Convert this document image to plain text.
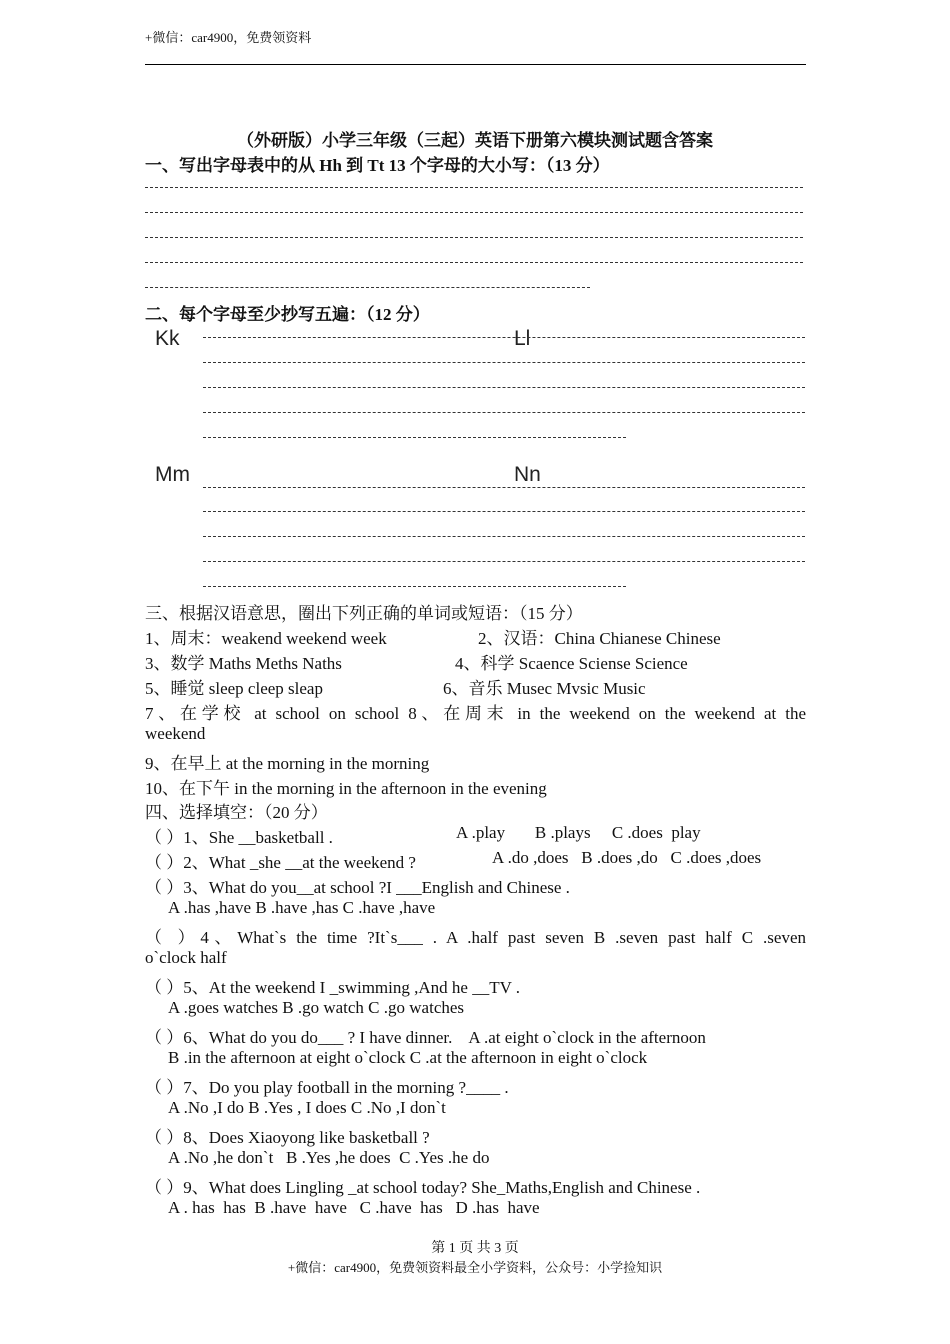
+微信：car4900，免费领资料
（外研版）小学三年级（三起）英语下册第六模块测试题含答案
一、写出字母表中的从 Hh 到 Tt 13 个字母的大小写：（13 分）
二、每个字母至少抄写五遍：（12 分）
Kk	Ll
Mm	Nn
三、根据汉语意思，圈出下列正确的单词或短语：（15 分）
1、周末：weakend weekend week	2、汉语：China Chianese Chinese
3、数学 Maths Meths Naths	4、科学 Scaence Sciense Science
5、睡觉 sleep cleep sleap	6、音乐 Musec Mvsic Music
7、在学校 at school on school 8、在周末 in the weekend on the weekend at the
weekend
9、在早上 at the morning in the morning
10、在下午 in the morning in the afternoon in the evening
四、选择填空：（20 分）
（ ）1、She __basketball .	A .play       B .plays     C .does  play
（ ）2、What _she __at the weekend ?	A .do ,does   B .does ,do   C .does ,does
（ ）3、What do you__at school ?I ___English and Chinese .
A .has ,have B .have ,has C .have ,have
（ ）4、What`s the time ?It`s___ . A .half past seven B .seven past half C .seven
o`clock half
（ ）5、At the weekend I _swimming ,And he __TV .
A .goes watches B .go watch C .go watches
（ ）6、What do you do___ ? I have dinner.    A .at eight o`clock in the afternoon
B .in the afternoon at eight o`clock C .at the afternoon in eight o`clock
（ ）7、Do you play football in the morning ?____ .
A .No ,I do B .Yes , I does C .No ,I don`t
（ ）8、Does Xiaoyong like basketball ?
A .No ,he don`t   B .Yes ,he does  C .Yes .he do
（ ）9、What does Lingling _at school today? She_Maths,English and Chinese .
A . has  has  B .have  have   C .have  has   D .has  have
第 1 页 共 3 页
+微信：car4900，免费领资料最全小学资料，公众号：小学捡知识
